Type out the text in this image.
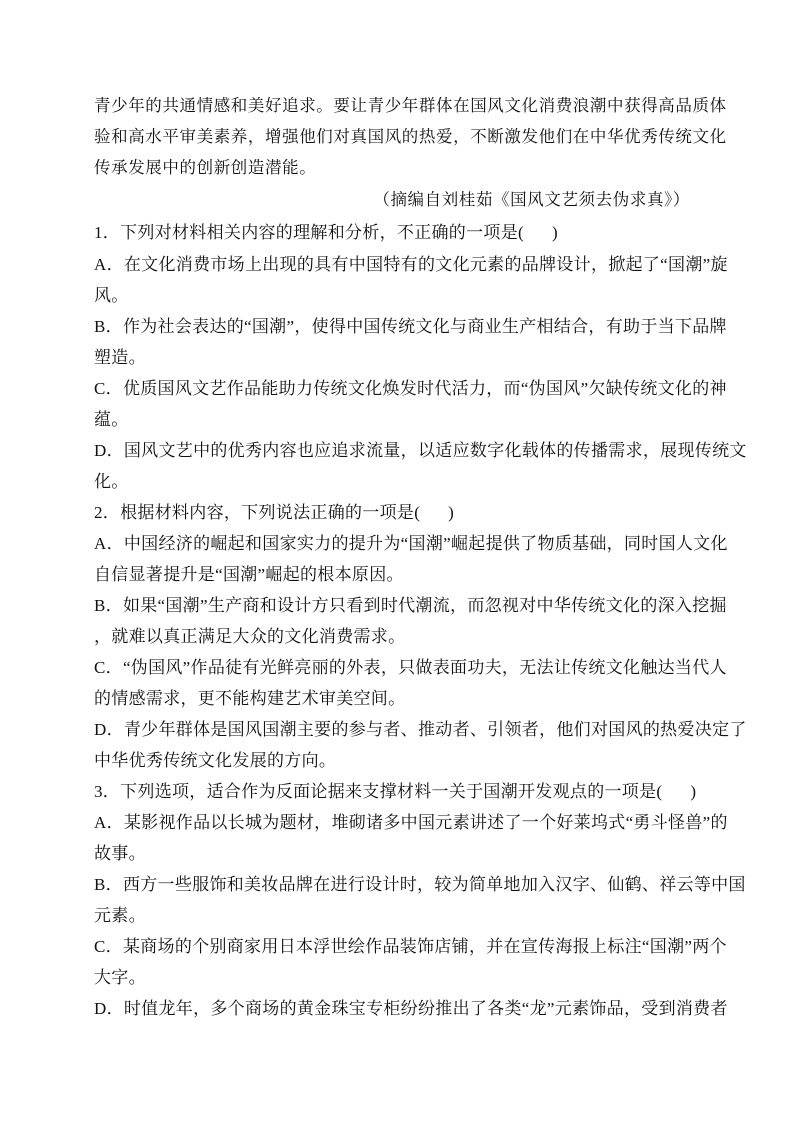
青少年的共通情感和美好追求。要让青少年群体在国风文化消费浪潮中获得高品质体
验和高水平审美素养，增强他们对真国风的热爱，不断激发他们在中华优秀传统文化
传承发展中的创新创造潜能。
（摘编自刘桂茹《国风文艺须去伪求真》）
1．下列对材料相关内容的理解和分析，不正确的一项是( )
A．在文化消费市场上出现的具有中国特有的文化元素的品牌设计，掀起了“国潮”旋
风。
B．作为社会表达的“国潮”，使得中国传统文化与商业生产相结合，有助于当下品牌
塑造。
C．优质国风文艺作品能助力传统文化焕发时代活力，而“伪国风”欠缺传统文化的神
蕴。
D．国风文艺中的优秀内容也应追求流量，以适应数字化载体的传播需求，展现传统文
化。
2．根据材料内容，下列说法正确的一项是( )
A．中国经济的崛起和国家实力的提升为“国潮”崛起提供了物质基础，同时国人文化
自信显著提升是“国潮”崛起的根本原因。
B．如果“国潮”生产商和设计方只看到时代潮流，而忽视对中华传统文化的深入挖掘
，就难以真正满足大众的文化消费需求。
C．“伪国风”作品徒有光鲜亮丽的外表，只做表面功夫，无法让传统文化触达当代人
的情感需求，更不能构建艺术审美空间。
D．青少年群体是国风国潮主要的参与者、推动者、引领者，他们对国风的热爱决定了
中华优秀传统文化发展的方向。
3．下列选项，适合作为反面论据来支撑材料一关于国潮开发观点的一项是( )
A．某影视作品以长城为题材，堆砌诸多中国元素讲述了一个好莱坞式“勇斗怪兽”的
故事。
B．西方一些服饰和美妆品牌在进行设计时，较为简单地加入汉字、仙鹤、祥云等中国
元素。
C．某商场的个别商家用日本浮世绘作品装饰店铺，并在宣传海报上标注“国潮”两个
大字。
D．时值龙年，多个商场的黄金珠宝专柜纷纷推出了各类“龙”元素饰品，受到消费者
